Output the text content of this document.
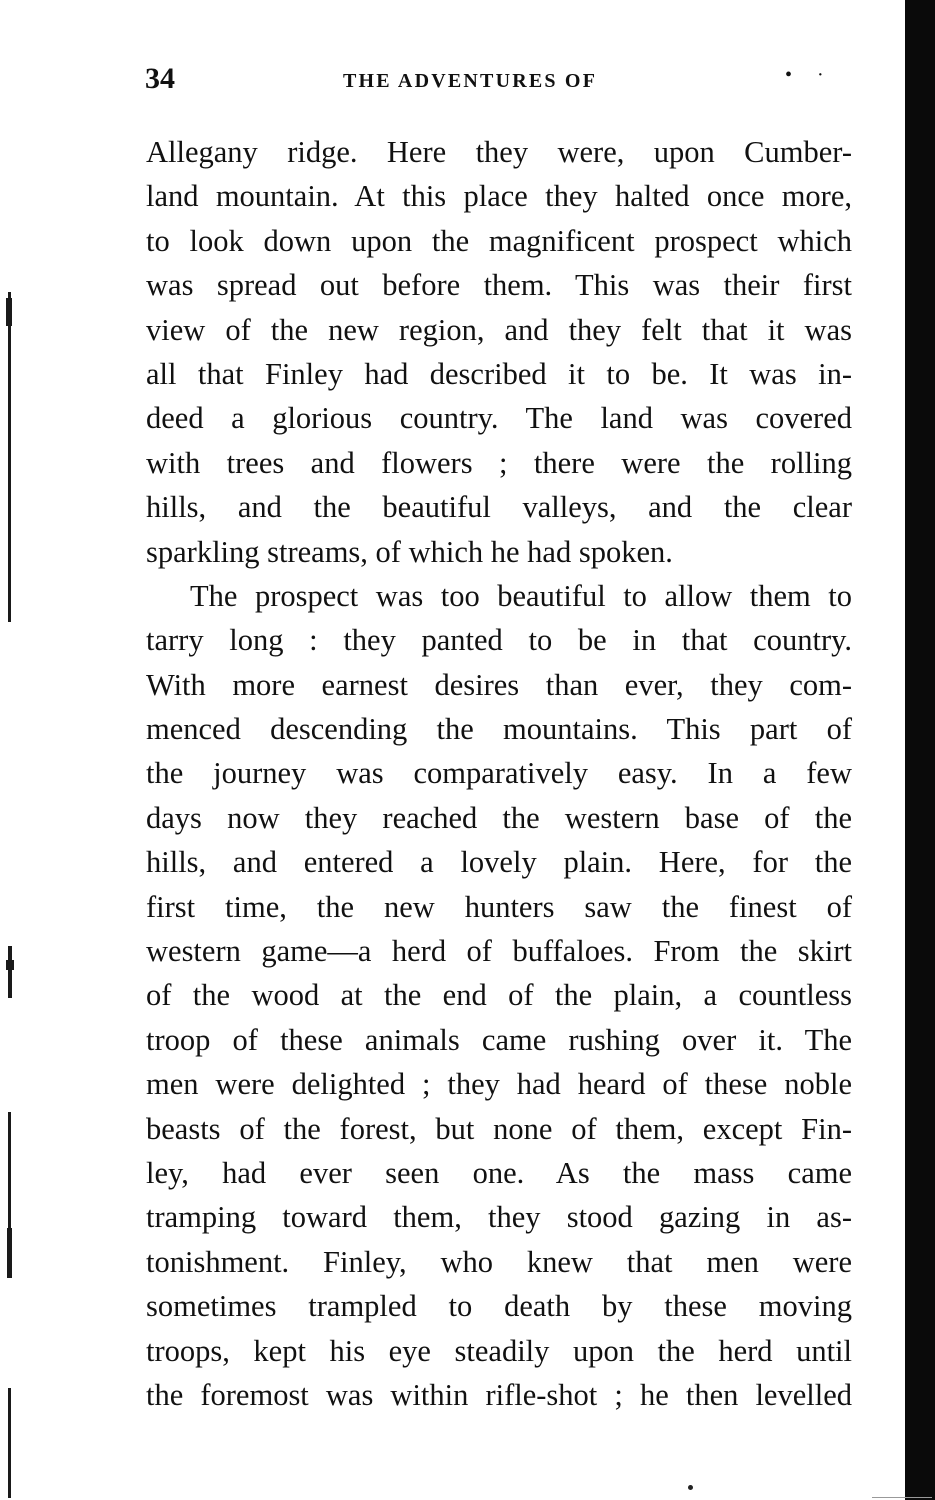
34	THE ADVENTURES OF	• ·
Allegany ridge. Here they were, upon Cumber-
land mountain. At this place they halted once more,
to look down upon the magnificent prospect which
was spread out before them. This was their first
view of the new region, and they felt that it was
all that Finley had described it to be. It was in-
deed a glorious country. The land was covered
with trees and flowers ; there were the rolling
hills, and the beautiful valleys, and the clear
sparkling streams, of which he had spoken.
The prospect was too beautiful to allow them to
tarry long : they panted to be in that country.
With more earnest desires than ever, they com-
menced descending the mountains. This part of
the journey was comparatively easy. In a few
days now they reached the western base of the
hills, and entered a lovely plain. Here, for the
first time, the new hunters saw the finest of
western game—a herd of buffaloes. From the skirt
of the wood at the end of the plain, a countless
troop of these animals came rushing over it. The
men were delighted ; they had heard of these noble
beasts of the forest, but none of them, except Fin-
ley, had ever seen one. As the mass came
tramping toward them, they stood gazing in as-
tonishment. Finley, who knew that men were
sometimes trampled to death by these moving
troops, kept his eye steadily upon the herd until
the foremost was within rifle-shot ; he then levelled
